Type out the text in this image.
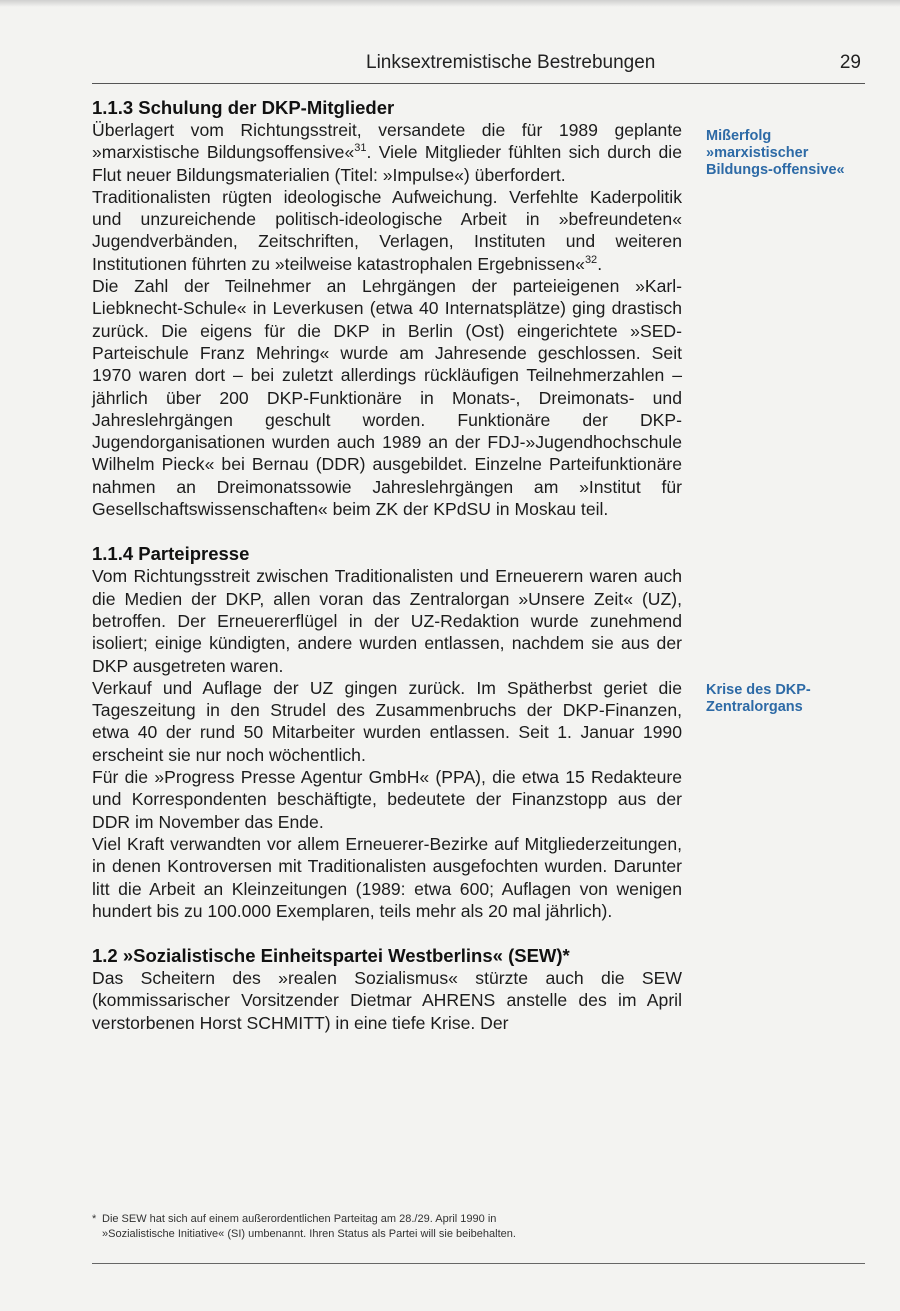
Linksextremistische Bestrebungen	29
1.1.3 Schulung der DKP-Mitglieder

Überlagert vom Richtungsstreit, versandete die für 1989 geplante »marxistische Bildungsoffensive«$^{31}$. Viele Mitglieder fühlten sich durch die Flut neuer Bildungsmaterialien (Titel: »Impulse«) überfordert.

Traditionalisten rügten ideologische Aufweichung. Verfehlte Kaderpolitik und unzureichende politisch-ideologische Arbeit in »befreundeten« Jugendverbänden, Zeitschriften, Verlagen, Instituten und weiteren Institutionen führten zu »teilweise katastrophalen Ergebnissen«$^{32}$.

Die Zahl der Teilnehmer an Lehrgängen der parteieigenen »Karl-Liebknecht-Schule« in Leverkusen (etwa 40 Internatsplätze) ging drastisch zurück. Die eigens für die DKP in Berlin (Ost) eingerichtete »SED-Parteischule Franz Mehring« wurde am Jahresende geschlossen. Seit 1970 waren dort – bei zuletzt allerdings rückläufigen Teilnehmerzahlen – jährlich über 200 DKP-Funktionäre in Monats-, Dreimonats- und Jahreslehrgängen geschult worden. Funktionäre der DKP-Jugendorganisationen wurden auch 1989 an der FDJ-»Jugendhochschule Wilhelm Pieck« bei Bernau (DDR) ausgebildet. Einzelne Parteifunktionäre nahmen an Dreimonatssowie Jahreslehrgängen am »Institut für Gesellschaftswissenschaften« beim ZK der KPdSU in Moskau teil.

1.1.4 Parteipresse

Vom Richtungsstreit zwischen Traditionalisten und Erneuerern waren auch die Medien der DKP, allen voran das Zentralorgan »Unsere Zeit« (UZ), betroffen. Der Erneuererflügel in der UZ-Redaktion wurde zunehmend isoliert; einige kündigten, andere wurden entlassen, nachdem sie aus der DKP ausgetreten waren.

Verkauf und Auflage der UZ gingen zurück. Im Spätherbst geriet die Tageszeitung in den Strudel des Zusammenbruchs der DKP-Finanzen, etwa 40 der rund 50 Mitarbeiter wurden entlassen. Seit 1. Januar 1990 erscheint sie nur noch wöchentlich.

Für die »Progress Presse Agentur GmbH« (PPA), die etwa 15 Redakteure und Korrespondenten beschäftigte, bedeutete der Finanzstopp aus der DDR im November das Ende.

Viel Kraft verwandten vor allem Erneuerer-Bezirke auf Mitgliederzeitungen, in denen Kontroversen mit Traditionalisten ausgefochten wurden. Darunter litt die Arbeit an Kleinzeitungen (1989: etwa 600; Auflagen von wenigen hundert bis zu 100.000 Exemplaren, teils mehr als 20 mal jährlich).

1.2 »Sozialistische Einheitspartei Westberlins« (SEW)*

Das Scheitern des »realen Sozialismus« stürzte auch die SEW (kommissarischer Vorsitzender Dietmar AHRENS anstelle des im April verstorbenen Horst SCHMITT) in eine tiefe Krise. Der

Mißerfolg »marxistischer Bildungs-offensive«
Krise des DKP-Zentralorgans
* Die SEW hat sich auf einem außerordentlichen Parteitag am 28./29. April 1990 in
»Sozialistische Initiative« (SI) umbenannt. Ihren Status als Partei will sie beibehalten.
